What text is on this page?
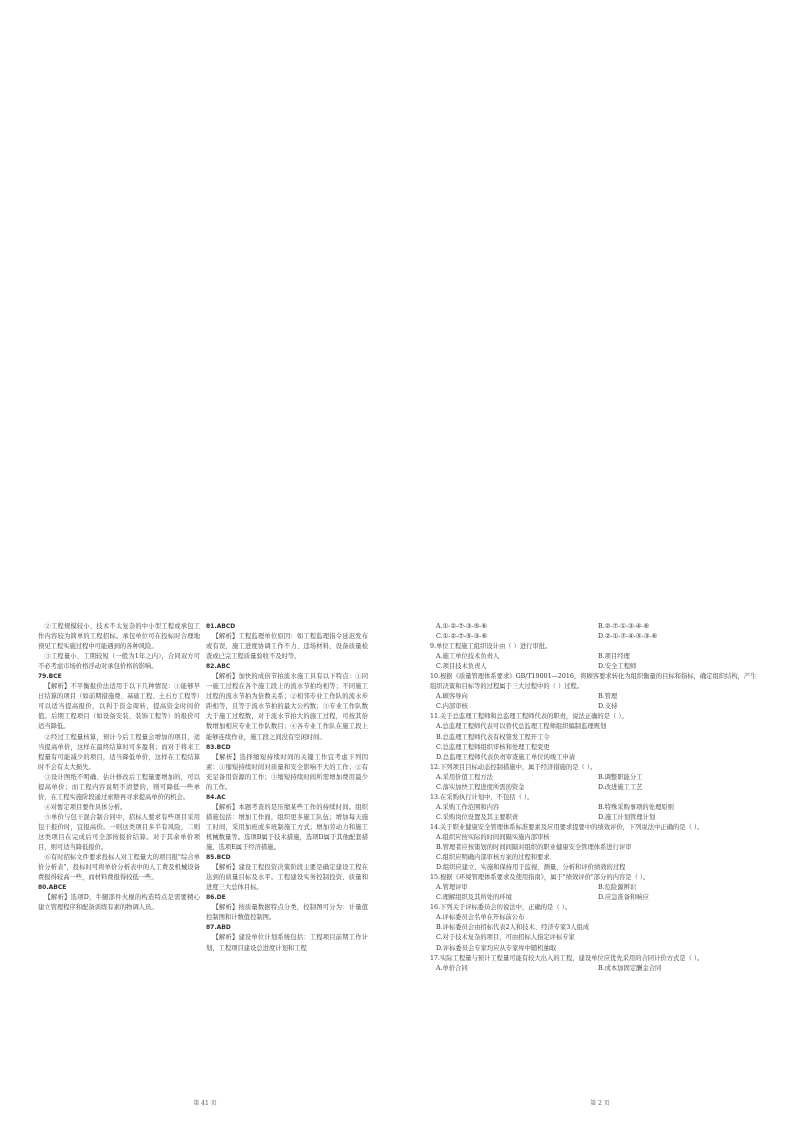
②工程规模较小、技术不太复杂的中小型工程或承包工作内容较为简单的工程招标。承包单位可在投标时合理地预见工程实施过程中可能遇到的各种风险。

③工程量小、工期较短（一般为1年之内），合同双方可不必考虑市场价格浮动对承包价格的影响。

79.BCE

【解析】不平衡报价法适用于以下几种情况：①能够早日结算的项目（如前期措施费、基础工程、土石方工程等）可以适当提高报价，以利于资金周转，提高资金时间价值。后期工程项目（如设备安装、装饰工程等）的报价可适当降低。

②经过工程量核算，预计今后工程量会增加的项目，适当提高单价，这样在最终结算时可多盈利；而对于将来工程量有可能减少的项目，适当降低单价，这样在工程结算时不会有太大损失。

③设计图纸不明确、估计修改后工程量要增加的，可以提高单价；而工程内容说明不清楚的，则可降低一些单价，在工程实施阶段通过索赔再寻求提高单价的机会。

④对暂定项目要作具体分析。

⑤单价与包干混合制合同中，招标人要求有些项目采用包干报价时，宜报高价。一则这类项目多半有风险，二则这类项目在完成后可全部按报价结算。对于其余单价项目，则可适当降低报价。

⑥有时招标文件要求投标人对工程量大的项目报"综合单价分析表"，投标时可将单价分析表中的人工费及机械设备费报得较高一些，而材料费报得较低一些。

80.ABCE

【解析】选项D，牛腿部件火棍的构造特点是需要精心建立管理程序和配备训练有素的物调人员。

81.ABCD

【解析】工程监理单位原因：如工程监理指令延迟发布或有误，施工进度协调工作不力、违场材料、设备质量检查或已完工程质量验收不及时等。

82.ABC

【解析】加快的成倍节拍流水施工具有以下特点：①同一施工过程在各个施工段上的流水节拍均相等；不同施工过程的流水节拍为倍数关系；②相邻专业工作队的流水步距相等，且等于流水节拍的最大公约数；③专业工作队数大于施工过程数，对于流水节拍大的施工过程，可按其倍数增加相应专业工作队数目；④各专业工作队在施工段上能够连续作业，施工段之间没有空闲时间。

83.BCD

【解析】选择缩短持续时间的关键工作宜考虑下列因素：①缩短持续时间对质量和安全影响不大的工作；②有充足备用资源的工作；③缩短持续时间所需增加费用最少的工作。

84.AC

【解析】本题考查的是压缩某些工作的持续时间。组织措施包括：增加工作面，组织更多施工队伍；增加每天施工时间，采用加班或多班制施工方式；增加劳动力和施工机械数量等。选项B属于技术措施，选项D属于其他配套措施，选项E属于经济措施。

85.BCD

【解析】建设工程投资决策阶段主要是确定建设工程在达到的质量目标及水平。工程建设实务控制投资、质量和进度三大总体目标。

86.DE

【解析】按质量数据特点分类，控制图可分为：计量值控制图和计数值控制图。

87.ABD

【解析】建设单位计划系统包括：工程项目前期工作计划，工程项目建设总进度计划和工程

A.①-②-⑦-③-⑤-⑥	B.②-⑦-①-③-④-⑥
C.①-②-⑦-⑤-③-⑥	D.②-①-⑦-④-⑤-③-⑥

9.单位工程施工组织设计由（ ）进行审批。

A.施工单位技术负责人	B.项目经理
C.项目技术负责人	D.安全工程师

10.根据《质量管理体系要求》GB/T19001—2016，将顾客要求转化为组织衡量的目标和指标，确定组织结构，产生组织决策和目标等的过程属于三大过程中的（ ）过程。

A.顾客导向	B.管理
C.内部审核	D.支持

11.关于总监理工程师和总监理工程师代表的职责，说法正确的是（ ）。

A.总监理工程师代表可以替代总监理工程师组织编制监理规划

B.总监理工程师代表有权签发工程开工令

C.总监理工程师组织审核和处理工程变更

D.总监理工程师代表负责审查施工单位的竣工申请

12.下列项目目标动态控制措施中，属于经济措施的是（ ）。

A.采用价值工程方法	B.调整职能分工
C.落实加快工程进度所需的资金	D.改进施工工艺

13.在采购执行计划中，不包括（ ）。

A.采购工作范围和内容	B.特殊采购事项的处理原则
C.采购岗位设置及其主要职责	D.施工计划管理计划

14.关于职业健康安全管理体系标准要素及应用要求提要中的绩效评价，下列说法中正确的是（ ）。

A.组织应按实际的时间间隔实施内部审核

B.管理者应按策划的时间间隔对组织的职业健康安全管理体系进行评审

C.组织应明确内部审核方案的过程和要求

D.组织应建立、实施和保持用于监视、测量、分析和评价绩效的过程

15.根据《环境管理体系要求及使用指南》，属于"绩效评价"部分的内容是（ ）。

A.管理评审	B.危险源辨识
C.理解组织及其所处的环境	D.应急准备和响应

16.下列关于评标委员会的说法中，正确的是（ ）。

A.评标委员会名单在开标前公布

B.评标委员会由招标代表2人和技术、经济专家3人组成

C.对于技术复杂的项目，可由招标人指定评标专家

D.评标委员会专家均应从专家库中随机抽取

17.实际工程量与预计工程量可能有较大出入的工程，建设单位应优先采用的合同计价方式是（ ）。

A.单价合同	B.成本加固定酬金合同
· 资 料 · · · · ·
第 41 页	第 2 页
